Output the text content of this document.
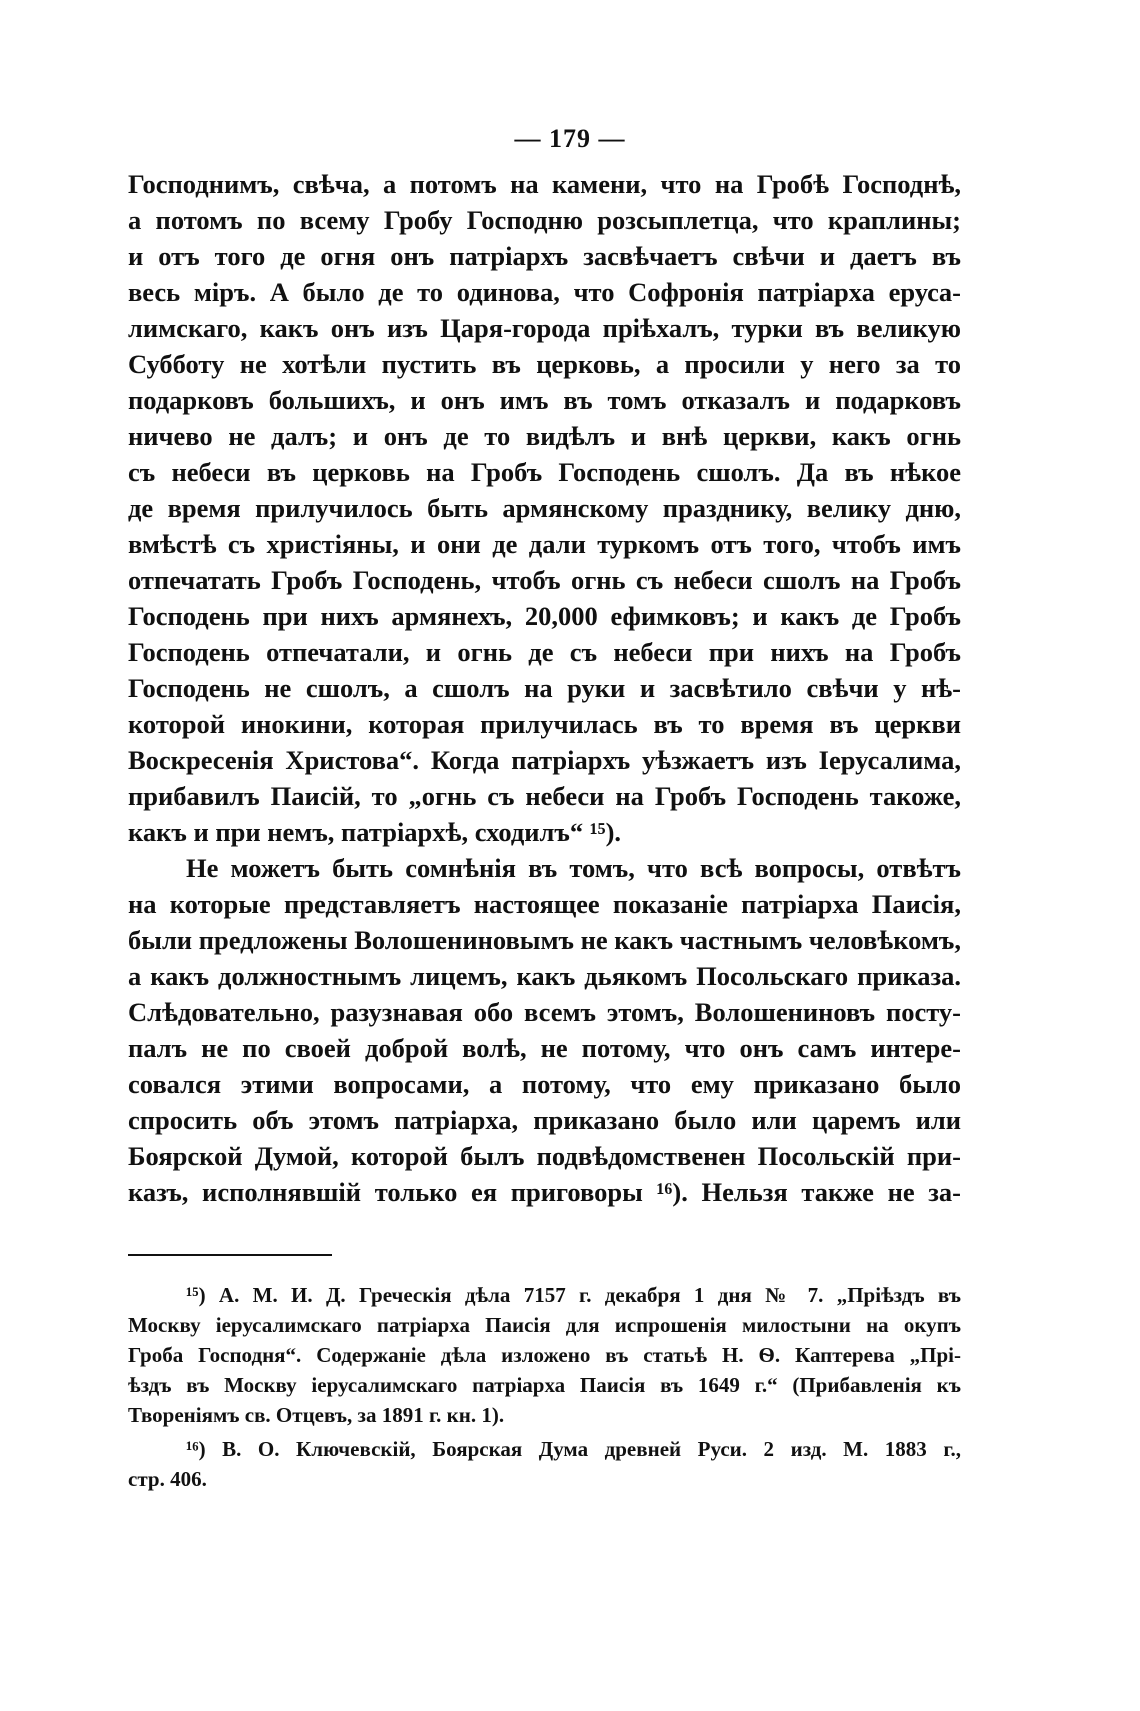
— 179 —
Господнимъ, свѣча, а потомъ на камени, что на Гробѣ Господнѣ,
а потомъ по всему Гробу Господню розсыплетца, что краплины;
и отъ того де огня онъ патріархъ засвѣчаетъ свѣчи и даетъ въ
весь міръ. А было де то одинова, что Софронія патріарха ерусa-
лимскаго, какъ онъ изъ Царя-города пріѣхалъ, турки въ великую
Субботу не хотѣли пустить въ церковь, а просили у него за то
подарковъ большихъ, и онъ имъ въ томъ отказалъ и подарковъ
ничево не далъ; и онъ де то видѣлъ и внѣ церкви, какъ огнь
съ небеси въ церковь на Гробъ Господень сшолъ. Да въ нѣкое
де время прилучилось быть армянскому празднику, велику дню,
вмѣстѣ съ христіяны, и они де дали туркомъ отъ того, чтобъ имъ
отпечатать Гробъ Господень, чтобъ огнь съ небеси сшолъ на Гробъ
Господень при нихъ армянехъ, 20,000 ефимковъ; и какъ де Гробъ
Господень отпечатали, и огнь де съ небеси при нихъ на Гробъ
Господень не сшолъ, а сшолъ на руки и засвѣтило свѣчи у нѣ-
которой инокини, которая прилучилась въ то время въ церкви
Воскресенія Христова“. Когда патріархъ уѣзжаетъ изъ Іерусалима,
прибавилъ Паисій, то „огнь съ небеси на Гробъ Господень такоже,
какъ и при немъ, патріархѣ, сходилъ“ ¹⁵).
Не можетъ быть сомнѣнія въ томъ, что всѣ вопросы, отвѣтъ
на которые представляетъ настоящее показаніе патріарха Паисія,
были предложены Волошениновымъ не какъ частнымъ человѣкомъ,
а какъ должностнымъ лицемъ, какъ дьякомъ Посольскаго приказа.
Слѣдовательно, разузнавая обо всемъ этомъ, Волошениновъ посту-
палъ не по своей доброй волѣ, не потому, что онъ самъ интере-
совался этими вопросами, а потому, что ему приказано было
спросить объ этомъ патріарха, приказано было или царемъ или
Боярской Думой, которой былъ подвѣдомственен Посольскій при-
казъ, исполнявшій только ея приговоры ¹⁶). Нельзя также не за-
¹⁵) А. М. И. Д. Греческія дѣла 7157 г. декабря 1 дня № 7. „Пріѣздъ въ
Москву іерусалимскаго патріарха Паисія для испрошенія милостыни на окупъ
Гроба Господня“. Содержаніе дѣла изложено въ статьѣ Н. Ѳ. Каптерева „Прі-
ѣздъ въ Москву іерусалимскаго патріарха Паисія въ 1649 г.“ (Прибавленія къ
Твореніямъ св. Отцевъ, за 1891 г. кн. 1).
¹⁶) В. О. Ключевскій, Боярская Дума древней Руси. 2 изд. М. 1883 г.,
стр. 406.
